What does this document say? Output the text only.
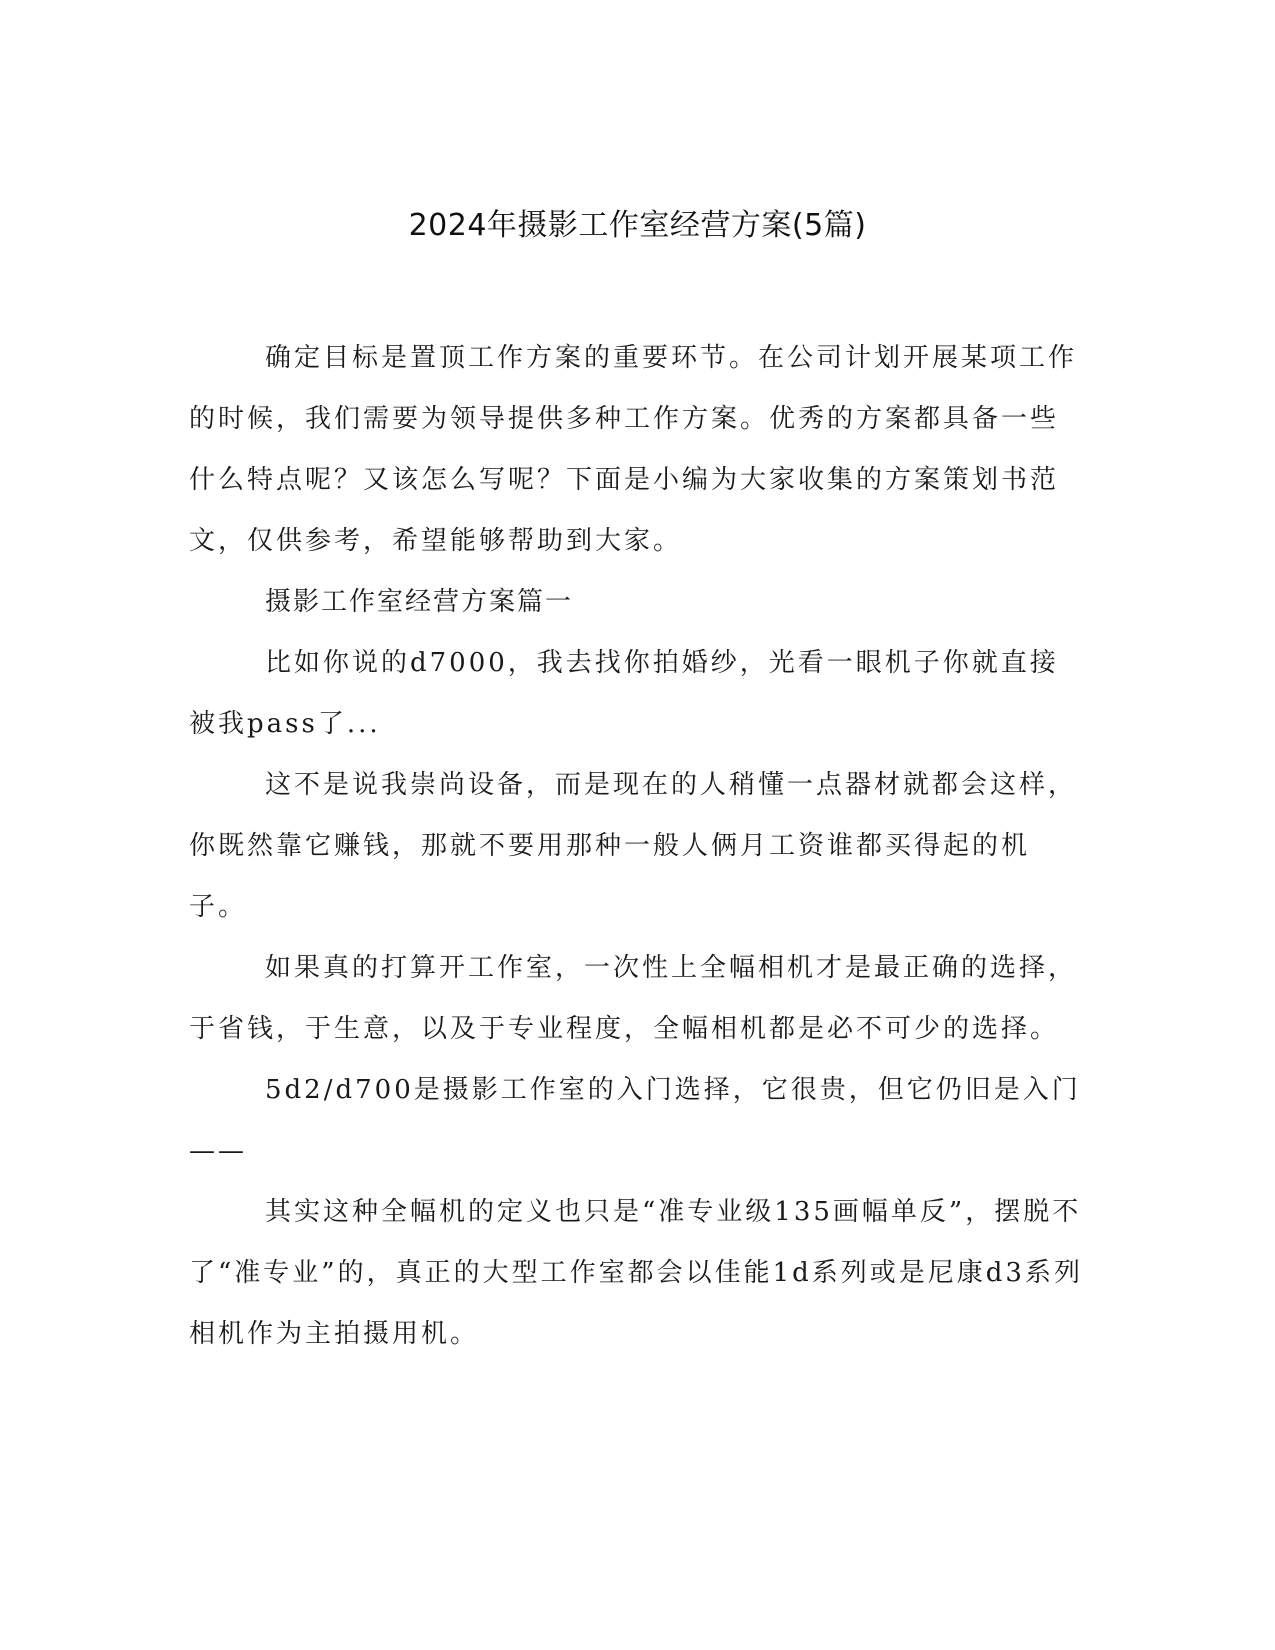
2024年摄影工作室经营方案(5篇)

确定目标是置顶工作方案的重要环节。在公司计划开展某项工作的时候，我们需要为领导提供多种工作方案。优秀的方案都具备一些什么特点呢？又该怎么写呢？下面是小编为大家收集的方案策划书范文，仅供参考，希望能够帮助到大家。

摄影工作室经营方案篇一

比如你说的d7000，我去找你拍婚纱，光看一眼机子你就直接被我pass了...

这不是说我崇尚设备，而是现在的人稍懂一点器材就都会这样，你既然靠它赚钱，那就不要用那种一般人俩月工资谁都买得起的机子。

如果真的打算开工作室，一次性上全幅相机才是最正确的选择，于省钱，于生意，以及于专业程度，全幅相机都是必不可少的选择。

5d2/d700是摄影工作室的入门选择，它很贵，但它仍旧是入门——

其实这种全幅机的定义也只是“准专业级135画幅单反”，摆脱不了“准专业”的，真正的大型工作室都会以佳能1d系列或是尼康d3系列相机作为主拍摄用机。
